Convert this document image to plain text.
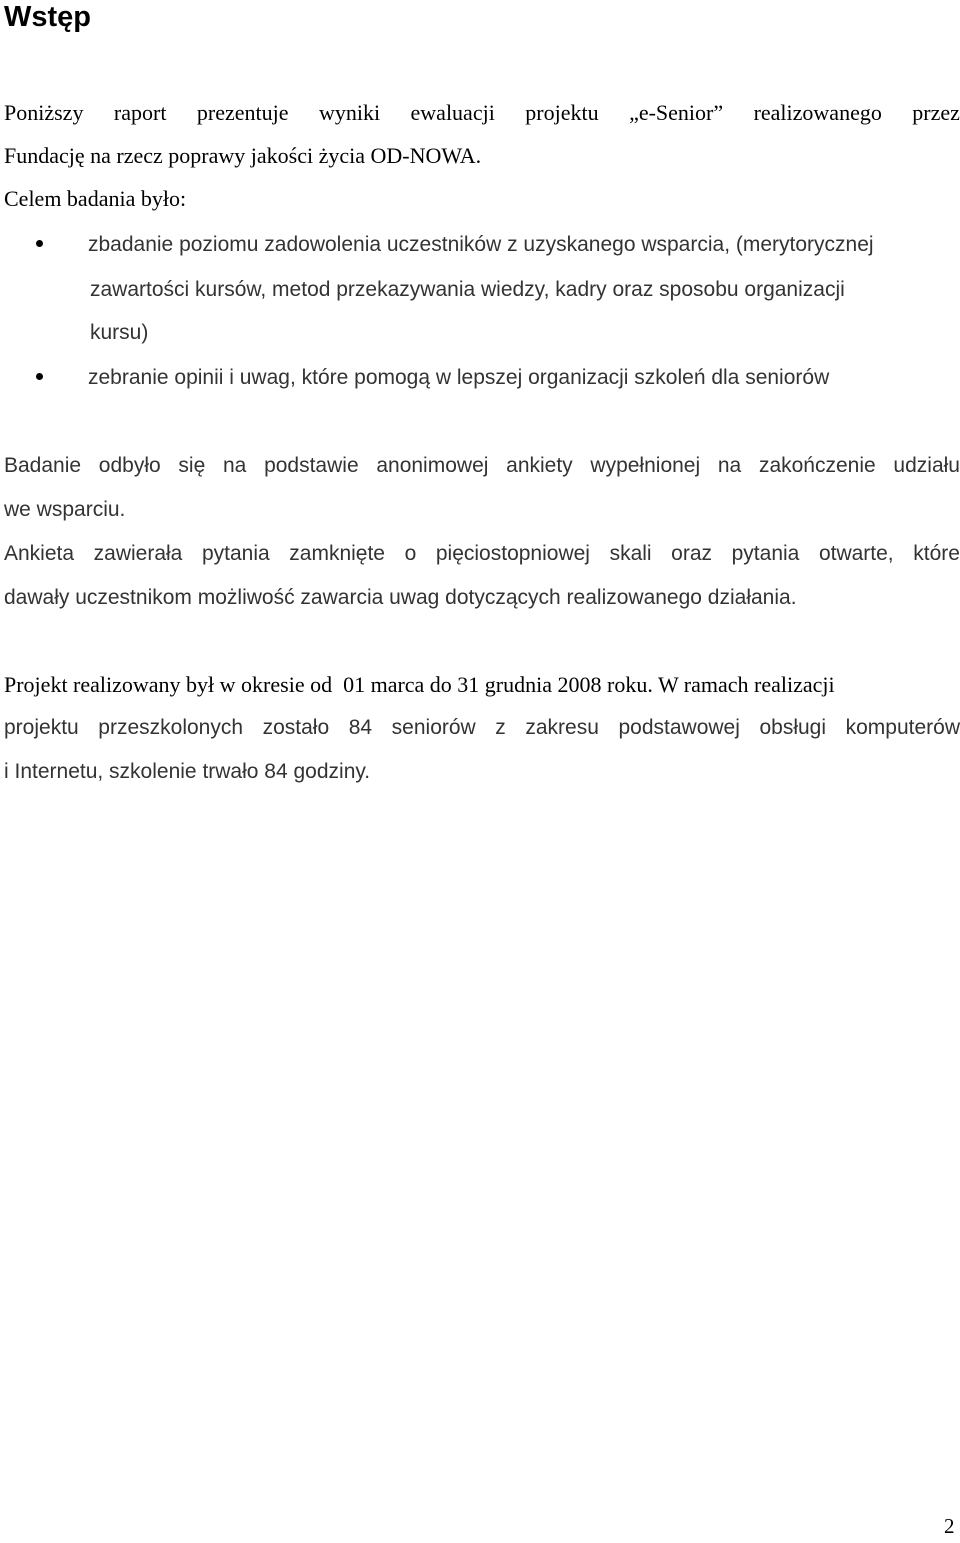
Wstęp
Poniższy raport prezentuje wyniki ewaluacji projektu „e-Senior” realizowanego przez
Fundację na rzecz poprawy jakości życia OD-NOWA.
Celem badania było:
zbadanie poziomu zadowolenia uczestników z uzyskanego wsparcia, (merytorycznej
zawartości kursów, metod przekazywania wiedzy, kadry oraz sposobu organizacji
kursu)
zebranie opinii i uwag, które pomogą w lepszej organizacji szkoleń dla seniorów
Badanie odbyło się na podstawie anonimowej ankiety wypełnionej na zakończenie udziału
we wsparciu.
Ankieta zawierała pytania zamknięte o pięciostopniowej skali oraz pytania otwarte, które
dawały uczestnikom możliwość zawarcia uwag dotyczących realizowanego działania.
Projekt realizowany był w okresie od  01 marca do 31 grudnia 2008 roku. W ramach realizacji
projektu przeszkolonych zostało 84 seniorów z zakresu podstawowej obsługi komputerów
i Internetu, szkolenie trwało 84 godziny.
2
